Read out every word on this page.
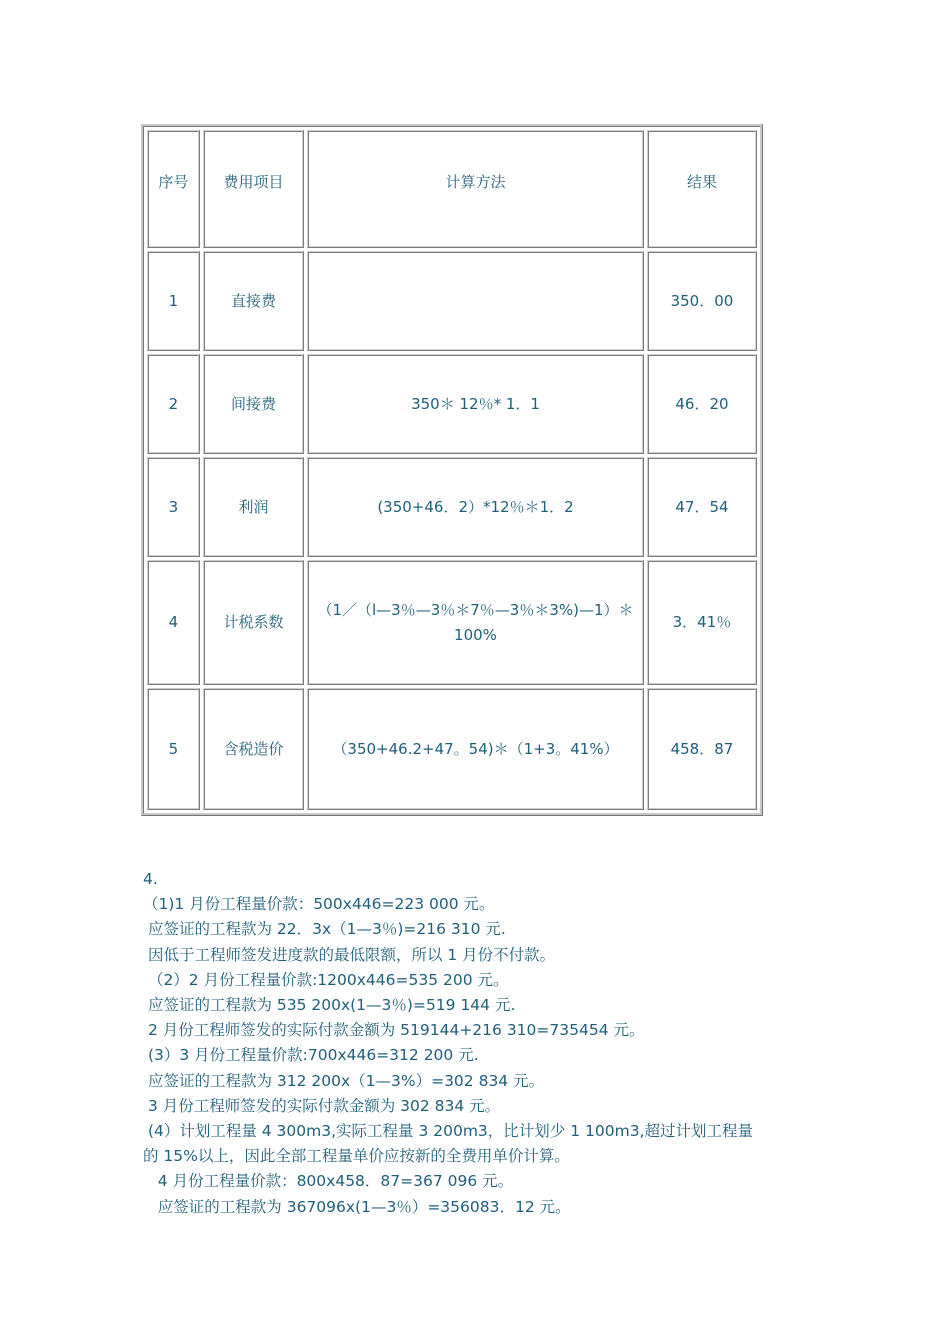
序号	费用项目	计算方法	结果
1	直接费		350．00
2	间接费	350＊ 12％* 1．1	46．20
3	利润	(350+46．2）*12％＊1．2	47．54
4	计税系数	（1／（l—3％—3％＊7％—3％＊3%)—1）＊100%	3．41％
5	含税造价	（350+46.2+47。54)＊（1+3。41%）	458．87

4.

（1)1 月份工程量价款：500x446=223 000 元。

应签证的工程款为 22．3x（1—3％)=216 310 元.

因低于工程师签发进度款的最低限额，所以 1 月份不付款。

（2）2 月份工程量价款:1200x446=535 200 元。

应签证的工程款为 535 200x(1—3％)=519 144 元.

2 月份工程师签发的实际付款金额为 519144+216 310=735454 元。

(3）3 月份工程量价款:700x446=312 200 元.

应签证的工程款为 312 200x（1—3%）=302 834 元。

3 月份工程师签发的实际付款金额为 302 834 元。

(4）计划工程量 4 300m3,实际工程量 3 200m3，比计划少 1 100m3,超过计划工程量

的 15%以上，因此全部工程量单价应按新的全费用单价计算。

4 月份工程量价款：800x458．87=367 096 元。

应签证的工程款为 367096x(1—3％）=356083．12 元。
